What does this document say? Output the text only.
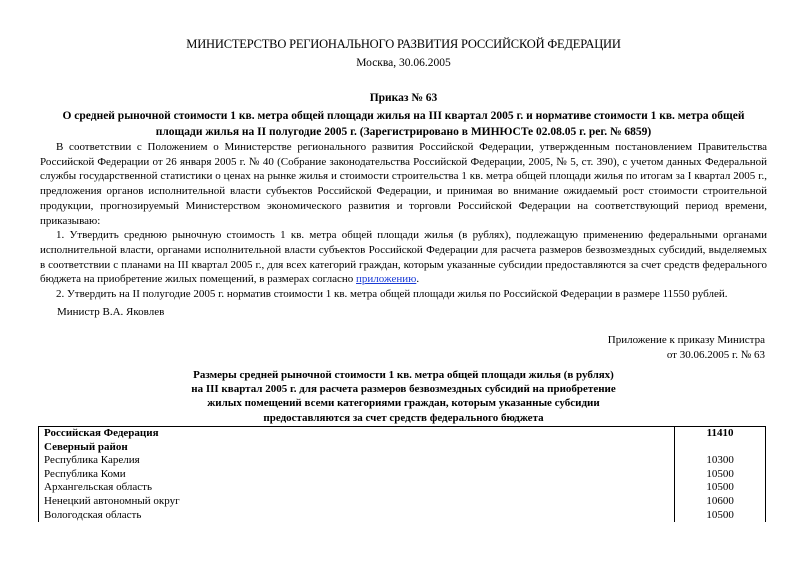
МИНИСТЕРСТВО РЕГИОНАЛЬНОГО РАЗВИТИЯ РОССИЙСКОЙ ФЕДЕРАЦИИ
Москва, 30.06.2005
Приказ № 63
О средней рыночной стоимости 1 кв. метра общей площади жилья на III квартал 2005 г. и нормативе стоимости 1 кв. метра общей площади жилья на II полугодие 2005 г. (Зарегистрировано в МИНЮСТе 02.08.05 г. рег. № 6859)

В соответствии с Положением о Министерстве регионального развития Российской Федерации, утвержденным постановлением Правительства Российской Федерации от 26 января 2005 г. № 40 (Собрание законодательства Российской Федерации, 2005, № 5, ст. 390), с учетом данных Федеральной службы государственной статистики о ценах на рынке жилья и стоимости строительства 1 кв. метра общей площади жилья по итогам за I квартал 2005 г., предложения органов исполнительной власти субъектов Российской Федерации, и принимая во внимание ожидаемый рост стоимости строительной продукции, прогнозируемый Министерством экономического развития и торговли Российской Федерации на соответствующий период времени, приказываю:

1. Утвердить среднюю рыночную стоимость 1 кв. метра общей площади жилья (в рублях), подлежащую применению федеральными органами исполнительной власти, органами исполнительной власти субъектов Российской Федерации для расчета размеров безвозмездных субсидий, выделяемых в соответствии с планами на III квартал 2005 г., для всех категорий граждан, которым указанные субсидии предоставляются за счет средств федерального бюджета на приобретение жилых помещений, в размерах согласно приложению.

2. Утвердить на II полугодие 2005 г. норматив стоимости 1 кв. метра общей площади жилья по Российской Федерации в размере 11550 рублей.

Министр В.А. Яковлев
Приложение к приказу Министра
от 30.06.2005 г. № 63
Размеры средней рыночной стоимости 1 кв. метра общей площади жилья (в рублях)
на III квартал 2005 г. для расчета размеров безвозмездных субсидий на приобретение
жилых помещений всеми категориями граждан, которым указанные субсидии
предоставляются за счет средств федерального бюджета
Российская Федерация	11410
Северный район	
Республика Карелия	10300
Республика Коми	10500
Архангельская область	10500
Ненецкий автономный округ	10600
Вологодская область	10500
